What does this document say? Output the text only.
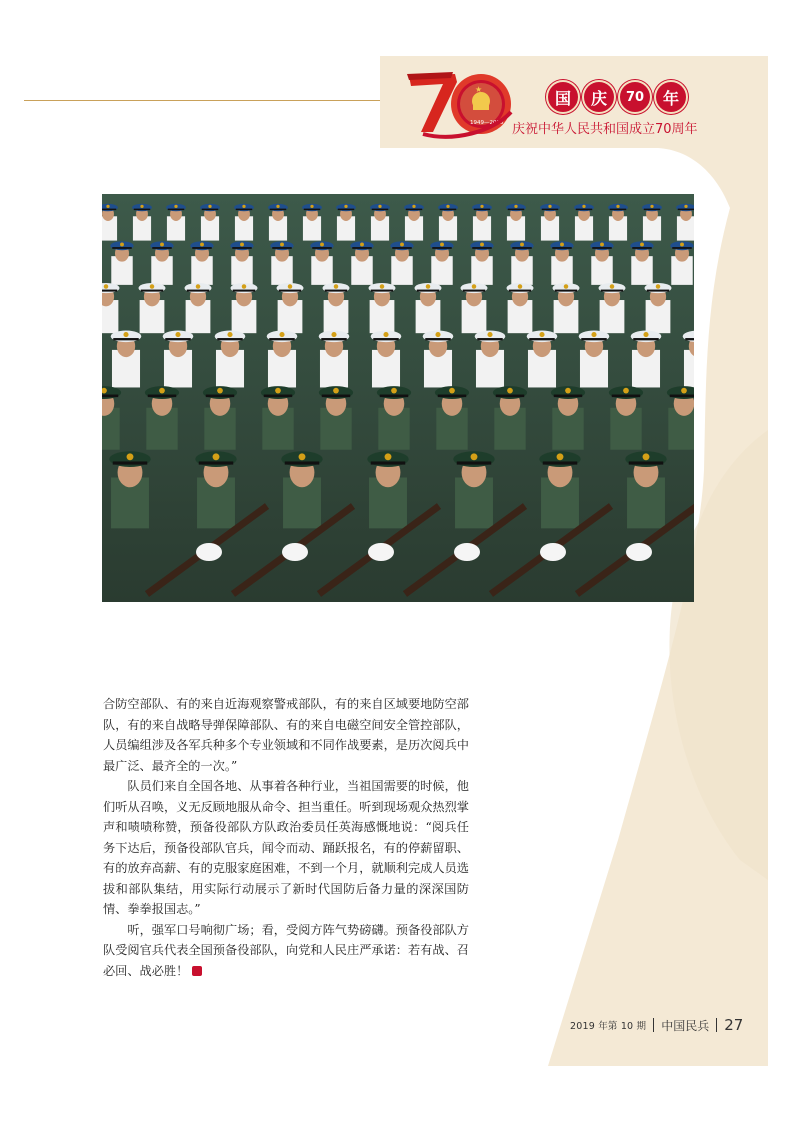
★
1949—2019
国	庆	70	年
庆祝中华人民共和国成立70周年

合防空部队、有的来自近海观察警戒部队，有的来自区域要地防空部队，有的来自战略导弹保障部队、有的来自电磁空间安全管控部队，人员编组涉及各军兵种多个专业领域和不同作战要素，是历次阅兵中最广泛、最齐全的一次。”

队员们来自全国各地、从事着各种行业，当祖国需要的时候，他们听从召唤，义无反顾地服从命令、担当重任。听到现场观众热烈掌声和啧啧称赞，预备役部队方队政治委员任英海感慨地说：“阅兵任务下达后，预备役部队官兵，闻令而动、踊跃报名，有的停薪留职、有的放弃高薪、有的克服家庭困难，不到一个月，就顺利完成人员选拔和部队集结，用实际行动展示了新时代国防后备力量的深深国防情、拳拳报国志。”

听，强军口号响彻广场；看，受阅方阵气势磅礴。预备役部队方队受阅官兵代表全国预备役部队，向党和人民庄严承诺：若有战、召必回、战必胜！

2019 年第 10 期 中国民兵 27
